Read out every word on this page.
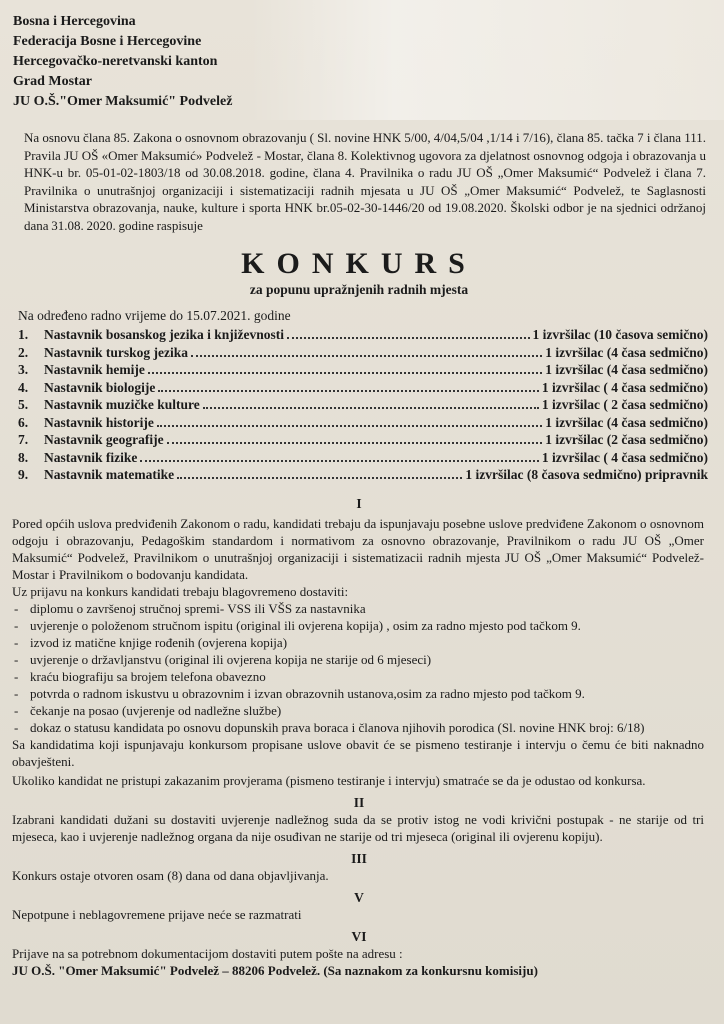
Bosna i Hercegovina
Federacija Bosne i Hercegovine
Hercegovačko-neretvanski kanton
Grad Mostar
JU O.Š."Omer Maksumić" Podvelež

Na osnovu člana 85. Zakona o osnovnom obrazovanju ( Sl. novine HNK 5/00, 4/04,5/04 ,1/14 i 7/16), člana 85. tačka 7 i člana 111. Pravila JU OŠ «Omer Maksumić» Podvelež - Mostar, člana 8. Kolektivnog ugovora za djelatnost osnovnog odgoja i obrazovanja u HNK-u br. 05-01-02-1803/18 od 30.08.2018. godine, člana 4. Pravilnika o radu JU OŠ „Omer Maksumić“ Podvelež i člana 7. Pravilnika o unutrašnjoj organizaciji i sistematizaciji radnih mjesata u JU OŠ „Omer Maksumić“ Podvelež, te Saglasnosti Ministarstva obrazovanja, nauke, kulture i sporta HNK br.05-02-30-1446/20 od 19.08.2020. Školski odbor je na sjednici održanoj dana 31.08. 2020. godine raspisuje

KONKURS
za popunu upražnjenih radnih mjesta
Na određeno radno vrijeme do 15.07.2021. godine
1.	Nastavnik bosanskog jezika i književnosti	1 izvršilac (10 časova semično)
2.	Nastavnik turskog jezika	1 izvršilac (4 časa sedmično)
3.	Nastavnik hemije	1 izvršilac (4 časa sedmično)
4.	Nastavnik biologije	1 izvršilac ( 4 časa sedmično)
5.	Nastavnik muzičke kulture	1 izvršilac ( 2 časa sedmično)
6.	Nastavnik historije	1 izvršilac (4 časa sedmično)
7.	Nastavnik geografije	1 izvršilac (2 časa sedmično)
8.	Nastavnik fizike	1 izvršilac ( 4 časa sedmično)
9.	Nastavnik matematike	1 izvršilac (8 časova sedmično) pripravnik
I

Pored općih uslova predviđenih Zakonom o radu, kandidati trebaju da ispunjavaju posebne uslove predviđene Zakonom o osnovnom odgoju i obrazovanju, Pedagoškim standardom i normativom za osnovno obrazovanje, Pravilnikom o radu JU OŠ „Omer Maksumić“ Podvelež, Pravilnikom o unutrašnjoj organizaciji i sistematizacii radnih mjesta JU OŠ „Omer Maksumić“ Podvelež- Mostar i Pravilnikom o bodovanju kandidata.

Uz prijavu na konkurs kandidati trebaju blagovremeno dostaviti:

- diplomu o završenoj stručnoj spremi- VSS ili VŠS za nastavnika
- uvjerenje o položenom stručnom ispitu (original ili ovjerena kopija) , osim za radno mjesto pod tačkom 9.
- izvod iz matične knjige rođenih (ovjerena kopija)
- uvjerenje o državljanstvu (original ili ovjerena kopija ne starije od 6 mjeseci)
- kraću biografiju sa brojem telefona obavezno
- potvrda o radnom iskustvu u obrazovnim i izvan obrazovnih ustanova,osim za radno mjesto pod tačkom 9.
- čekanje na posao (uvjerenje od nadležne službe)
- dokaz o statusu kandidata po osnovu dopunskih prava boraca i članova njihovih porodica (Sl. novine HNK broj: 6/18)

Sa kandidatima koji ispunjavaju konkursom propisane uslove obavit će se pismeno testiranje i intervju o čemu će biti naknadno obavješteni.

Ukoliko kandidat ne pristupi zakazanim provjerama (pismeno testiranje i intervju) smatraće se da je odustao od konkursa.

II

Izabrani kandidati dužani su dostaviti uvjerenje nadležnog suda da se protiv istog ne vodi krivični postupak - ne starije od tri mjeseca, kao i uvjerenje nadležnog organa da nije osuđivan ne starije od tri mjeseca (original ili ovjerenu kopiju).

III

Konkurs ostaje otvoren osam (8) dana od dana objavljivanja.

V

Nepotpune i neblagovremene prijave neće se razmatrati

VI

Prijave na sa potrebnom dokumentacijom dostaviti putem pošte na adresu :

JU O.Š. "Omer Maksumić" Podvelež – 88206 Podvelež. (Sa naznakom za konkursnu komisiju)
